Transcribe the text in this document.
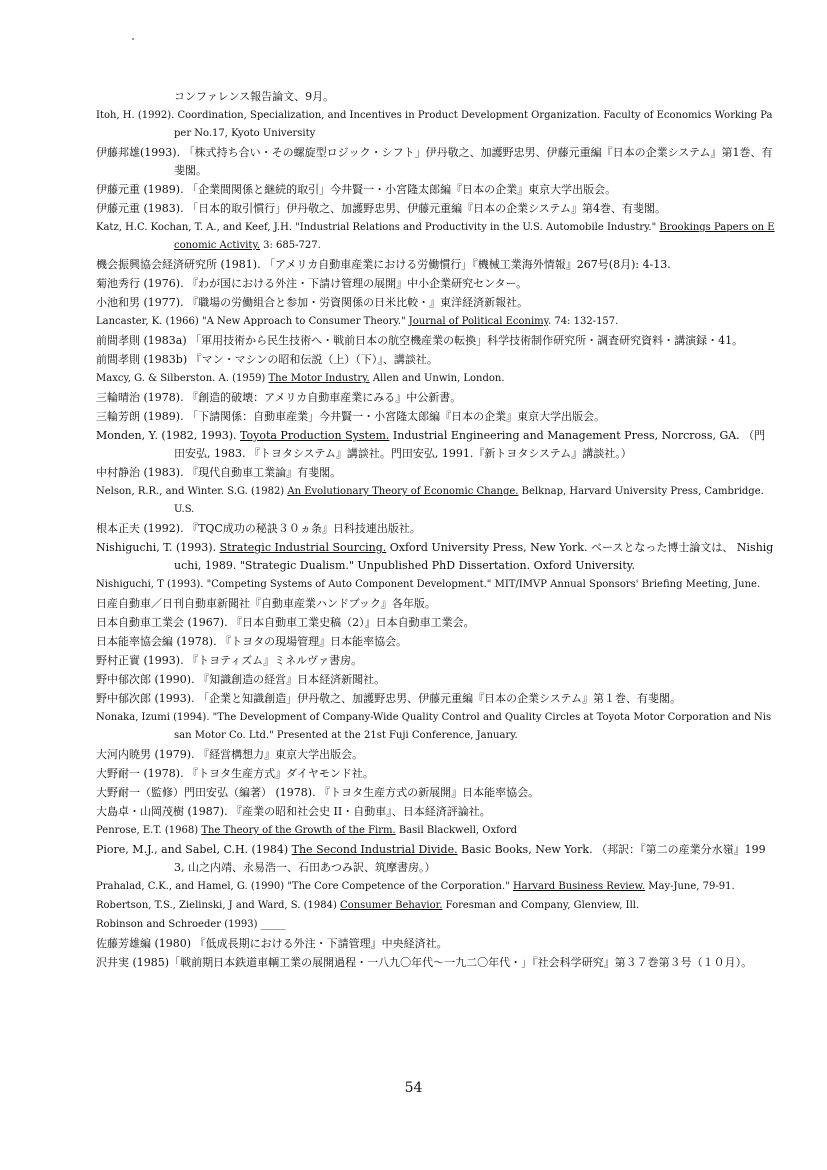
コンファレンス報告論文、9月。
Itoh, H. (1992). Coordination, Specialization, and Incentives in Product Development Organization. Faculty of Economics Working Paper No.17, Kyoto University
伊藤邦雄(1993). 「株式持ち合い・その螺旋型ロジック・シフト」伊丹敬之、加護野忠男、伊藤元重編『日本の企業システム』第1巻、有斐閣。
伊藤元重 (1989). 「企業間関係と継続的取引」今井賢一・小宮隆太郎編『日本の企業』東京大学出版会。
伊藤元重 (1983). 「日本的取引慣行」伊丹敬之、加護野忠男、伊藤元重編『日本の企業システム』第4巻、有斐閣。
Katz, H.C. Kochan, T. A., and Keef, J.H. "Industrial Relations and Productivity in the U.S. Automobile Industry." Brookings Papers on Economic Activity. 3: 685-727.
機会振興協会経済研究所 (1981). 「アメリカ自動車産業における労働慣行」『機械工業海外情報』267号(8月): 4-13.
菊池秀行 (1976). 『わが国における外注・下請け管理の展開』中小企業研究センター。
小池和男 (1977). 『職場の労働組合と参加・労資関係の日米比較・』東洋経済新報社。
Lancaster, K. (1966) "A New Approach to Consumer Theory." Journal of Political Econimy. 74: 132-157.
前間孝則 (1983a) 「軍用技術から民生技術へ・戦前日本の航空機産業の転換」科学技術制作研究所・調査研究資料・講演録・41。
前間孝則 (1983b) 『マン・マシンの昭和伝説（上）（下）』、講談社。
Maxcy, G. & Silberston. A. (1959) The Motor Industry. Allen and Unwin, London.
三輪晴治 (1978). 『創造的破壊：アメリカ自動車産業にみる』中公新書。
三輪芳朗 (1989). 「下請関係：自動車産業」今井賢一・小宮隆太郎編『日本の企業』東京大学出版会。
Monden, Y. (1982, 1993). Toyota Production System. Industrial Engineering and Management Press, Norcross, GA. （門田安弘, 1983. 『トヨタシステム』講談社。門田安弘, 1991.『新トヨタシステム』講談社。）
中村静治 (1983). 『現代自動車工業論』有斐閣。
Nelson, R.R., and Winter. S.G. (1982) An Evolutionary Theory of Economic Change. Belknap, Harvard University Press, Cambridge. U.S.
根本正夫 (1992). 『TQC成功の秘訣３０ヵ条』日科技連出版社。
Nishiguchi, T. (1993). Strategic Industrial Sourcing. Oxford University Press, New York. ベースとなった博士論文は、 Nishiguchi, 1989. "Strategic Dualism." Unpublished PhD Dissertation. Oxford University.
Nishiguchi, T (1993). "Competing Systems of Auto Component Development." MIT/IMVP Annual Sponsors' Briefing Meeting, June.
日産自動車／日刊自動車新聞社『自動車産業ハンドブック』各年版。
日本自動車工業会 (1967). 『日本自動車工業史稿（2）』日本自動車工業会。
日本能率協会編 (1978). 『トヨタの現場管理』日本能率協会。
野村正實 (1993). 『トヨティズム』ミネルヴァ書房。
野中郁次郎 (1990). 『知識創造の経営』日本経済新聞社。
野中郁次郎 (1993). 「企業と知識創造」伊丹敬之、加護野忠男、伊藤元重編『日本の企業システム』第１巻、有斐閣。
Nonaka, Izumi (1994). "The Development of Company-Wide Quality Control and Quality Circles at Toyota Motor Corporation and Nissan Motor Co. Ltd." Presented at the 21st Fuji Conference, January.
大河内暁男 (1979). 『経営構想力』東京大学出版会。
大野耐一 (1978). 『トヨタ生産方式』ダイヤモンド社。
大野耐一（監修）門田安弘（編著） (1978). 『トヨタ生産方式の新展開』日本能率協会。
大島卓・山岡茂樹 (1987). 『産業の昭和社会史 II・自動車』、日本経済評論社。
Penrose, E.T. (1968) The Theory of the Growth of the Firm. Basil Blackwell, Oxford
Piore, M.J., and Sabel, C.H. (1984) The Second Industrial Divide. Basic Books, New York. （邦訳：『第二の産業分水嶺』1993, 山之内靖、永易浩一、石田あつみ訳、筑摩書房。）
Prahalad, C.K., and Hamel, G. (1990) "The Core Competence of the Corporation." Harvard Business Review. May-June, 79-91.
Robertson, T.S., Zielinski, J and Ward, S. (1984) Consumer Behavior. Foresman and Company, Glenview, Ill.
Robinson and Schroeder (1993) _____
佐藤芳雄編 (1980) 『低成長期における外注・下請管理』中央経済社。
沢井実 (1985)「戦前期日本鉄道車輌工業の展開過程・一八九〇年代～一九二〇年代・」『社会科学研究』第３７巻第３号（１０月）。
54
